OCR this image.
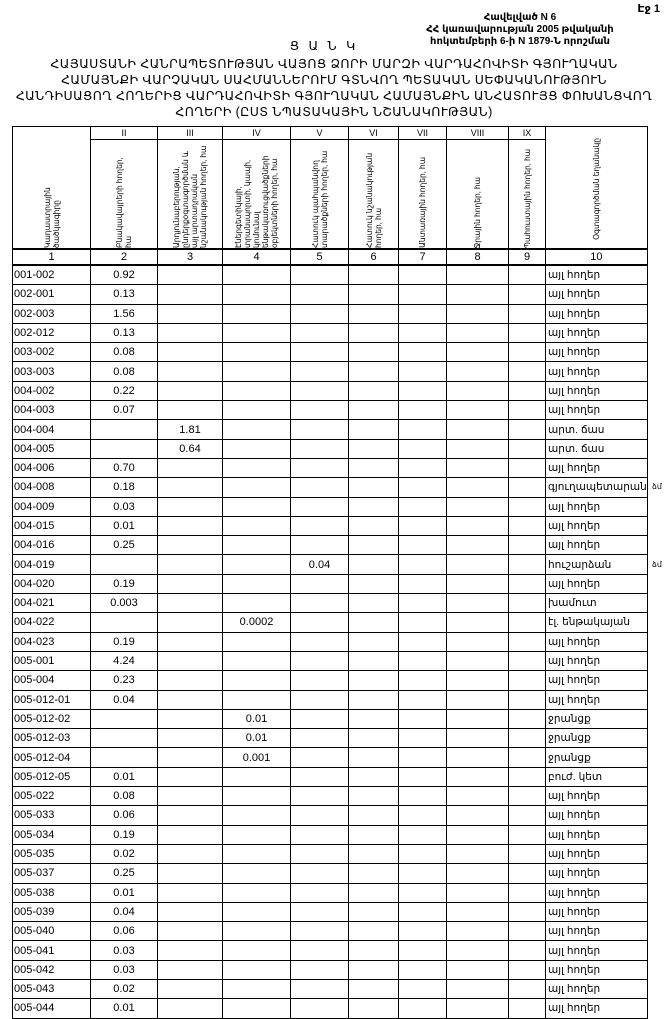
Էջ 1
Հավելված N 6
ՀՀ կառավարության 2005 թվականի
հոկտեմբերի 6-ի N 1879-Ն որոշման
Ց Ա Ն Կ
ՀԱՅԱՍՏԱՆԻ ՀԱՆՐԱՊԵՏՈՒԹՅԱՆ ՎԱՅՈՑ ՁՈՐԻ ՄԱՐԶԻ ՎԱՐԴԱՀՈՎԻՏԻ ԳՅՈՒՂԱԿԱՆ
ՀԱՄԱՅՆՔԻ ՎԱՐՉԱԿԱՆ ՍԱՀՄԱՆՆԵՐՈՒՄ ԳՏՆՎՈՂ ՊԵՏԱԿԱՆ ՍԵՓԱԿԱՆՈՒԹՅՈՒՆ
ՀԱՆԴԻՍԱՑՈՂ ՀՈՂԵՐԻՑ ՎԱՐԴԱՀՈՎԻՏԻ ԳՅՈՒՂԱԿԱՆ ՀԱՄԱՅՆՔԻՆ ԱՆՀԱՏՈՒՅՑ ՓՈԽԱՆՑՎՈՂ
ՀՈՂԵՐԻ (ԸՍՏ ՆՊԱՏԱԿԱՅԻՆ ՆՇԱՆԱԿՈՒԹՅԱՆ)
Կադաստրային ծածկագիրը	II	III	IV	V	VI	VII	VIII	IX	Օգտագործման եղանակը

	Բնակավայրերի հողեր, հա	Արդյունաբերության, ընդերքօգտագործման և այլ արտադրական նշանակության հողեր, հա	Էներգետիկայի, տրանսպորտի, կապի, կոմունալ ենթակառուցվածքների օբյեկտների հողեր, հա	Հատուկ պահպանվող տարածքների հողեր, հա	Հատուկ նշանակության հողեր, հա	Անտառային հողեր, հա	Ջրային հողեր, հա	Պահուստային հողեր, հա	

1	2	3	4	5	6	7	8	9	10
001-002	0.92								այլ հողեր
002-001	0.13								այլ հողեր
002-003	1.56								այլ հողեր
002-012	0.13								այլ հողեր
003-002	0.08								այլ հողեր
003-003	0.08								այլ հողեր
004-002	0.22								այլ հողեր
004-003	0.07								այլ հողեր
004-004		1.81							արտ. ճաս
004-005		0.64							արտ. ճաս
004-006	0.70								այլ հողեր
004-008	0.18								գյուղապետարան
004-009	0.03								այլ հողեր
004-015	0.01								այլ հողեր
004-016	0.25								այլ հողեր
004-019				0.04					հուշարձան
004-020	0.19								այլ հողեր
004-021	0.003								խամուտ
004-022			0.0002						էլ. ենթակայան
004-023	0.19								այլ հողեր
005-001	4.24								այլ հողեր
005-004	0.23								այլ հողեր
005-012-01	0.04								այլ հողեր
005-012-02			0.01						ջրանցք
005-012-03			0.01						ջրանցք
005-012-04			0.001						ջրանցք
005-012-05	0.01								բուժ. կետ
005-022	0.08								այլ հողեր
005-033	0.06								այլ հողեր
005-034	0.19								այլ հողեր
005-035	0.02								այլ հողեր
005-037	0.25								այլ հողեր
005-038	0.01								այլ հողեր
005-039	0.04								այլ հողեր
005-040	0.06								այլ հողեր
005-041	0.03								այլ հողեր
005-042	0.03								այլ հողեր
005-043	0.02								այլ հողեր
005-044	0.01								այլ հողեր
ձմ
ձմ
